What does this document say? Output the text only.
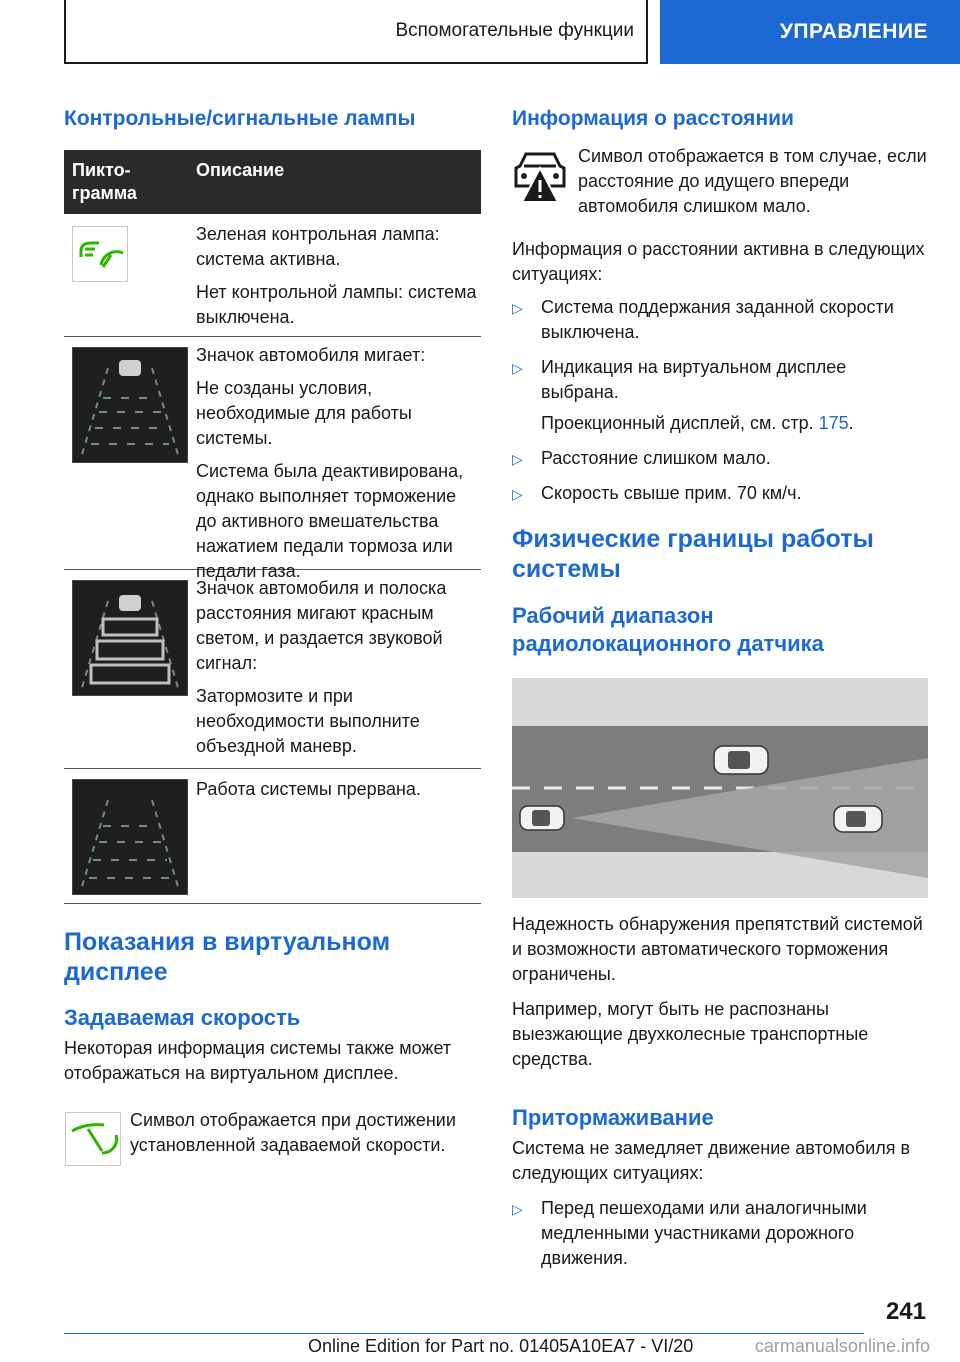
Вспомогательные функции	УПРАВЛЕНИЕ
Контрольные/сигнальные лампы
Пикто-
грамма
Описание

Зеленая контрольная лампа: система активна.

Нет контрольной лампы: система выключена.

Значок автомобиля мигает:

Не созданы условия, необходимые для работы системы.

Система была деактивирована, однако выполняет торможение до активного вмешательства нажатием педали тормоза или педали газа.

Значок автомобиля и полоска расстояния мигают красным светом, и раздается звуковой сигнал:

Затормозите и при необходимости выполните объездной маневр.

Работа системы прервана.

Показания в виртуальном дисплее
Задаваемая скорость

Некоторая информация системы также может отображаться на виртуальном дисплее.

Символ отображается при достижении установленной задаваемой скорости.

Информация о расстоянии

Символ отображается в том случае, если расстояние до идущего впереди автомобиля слишком мало.

Информация о расстоянии активна в следующих ситуациях:

▷ Система поддержания заданной скорости выключена.
▷ Индикация на виртуальном дисплее выбрана.

Проекционный дисплей, см. стр. 175.

▷ Расстояние слишком мало.
▷ Скорость свыше прим. 70 км/ч.
Физические границы работы системы
Рабочий диапазон радиолокационного датчика

Надежность обнаружения препятствий системой и возможности автоматического торможения ограничены.

Например, могут быть не распознаны выезжающие двухколесные транспортные средства.

Притормаживание

Система не замедляет движение автомобиля в следующих ситуациях:

▷ Перед пешеходами или аналогичными медленными участниками дорожного движения.
241
Online Edition for Part no. 01405A10EA7 - VI/20	carmanualsonline.info
